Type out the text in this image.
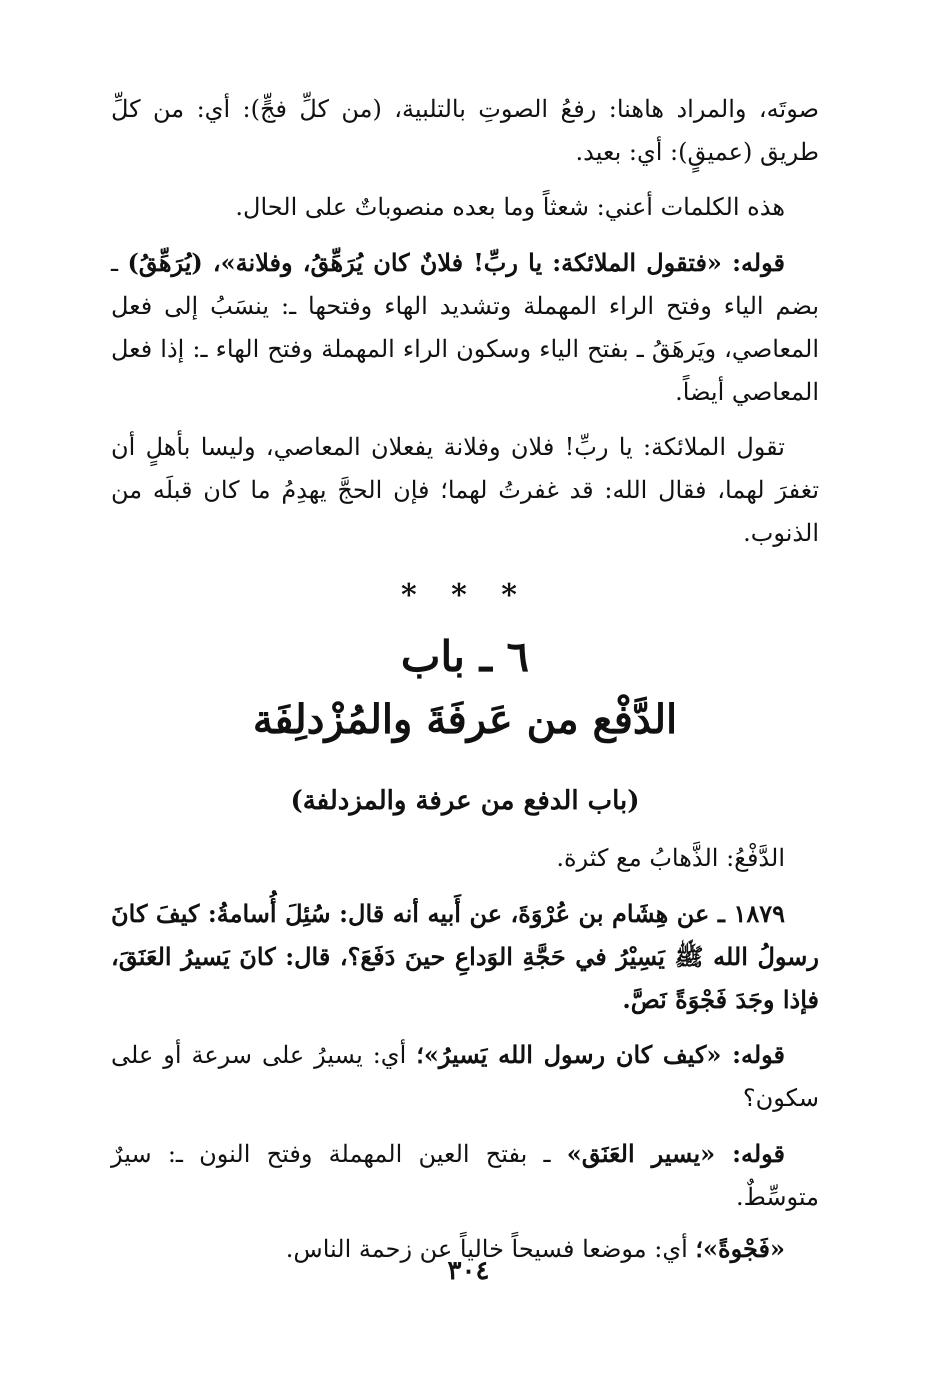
صوتَه، والمراد هاهنا: رفعُ الصوتِ بالتلبية، (من كلِّ فجٍّ): أي: من كلِّ طريق (عميقٍ): أي: بعيد.

هذه الكلمات أعني: شعثاً وما بعده منصوباتٌ على الحال.

قوله: «فتقول الملائكة: يا ربِّ! فلانٌ كان يُرَهِّقُ، وفلانة»، (يُرَهِّقُ) ـ بضم الياء وفتح الراء المهملة وتشديد الهاء وفتحها ـ: ينسَبُ إلى فعل المعاصي، ويَرهَقُ ـ بفتح الياء وسكون الراء المهملة وفتح الهاء ـ: إذا فعل المعاصي أيضاً.

تقول الملائكة: يا ربِّ! فلان وفلانة يفعلان المعاصي، وليسا بأهلٍ أن تغفرَ لهما، فقال الله: قد غفرتُ لهما؛ فإن الحجَّ يهدِمُ ما كان قبلَه من الذنوب.

* * *
٦ ـ باب
الدَّفْع من عَرفَةَ والمُزْدلِفَة
(باب الدفع من عرفة والمزدلفة)

الدَّفْعُ: الذَّهابُ مع كثرة.

١٨٧٩ ـ عن هِشَام بن عُرْوَةَ، عن أَبيه أنه قال: سُئِلَ أُسامةُ: كيفَ كانَ رسولُ الله ﷺ يَسِيْرُ في حَجَّةِ الوَداعِ حينَ دَفَعَ؟، قال: كانَ يَسيرُ العَنَقَ، فإذا وجَدَ فَجْوَةً نَصَّ.

قوله: «كيف كان رسول الله يَسيرُ»؛ أي: يسيرُ على سرعة أو على سكون؟

قوله: «يسير العَنَق» ـ بفتح العين المهملة وفتح النون ـ: سيرٌ متوسِّطٌ.

«فَجْوةً»؛ أي: موضعا فسيحاً خالياً عن زحمة الناس.

٣٠٤
